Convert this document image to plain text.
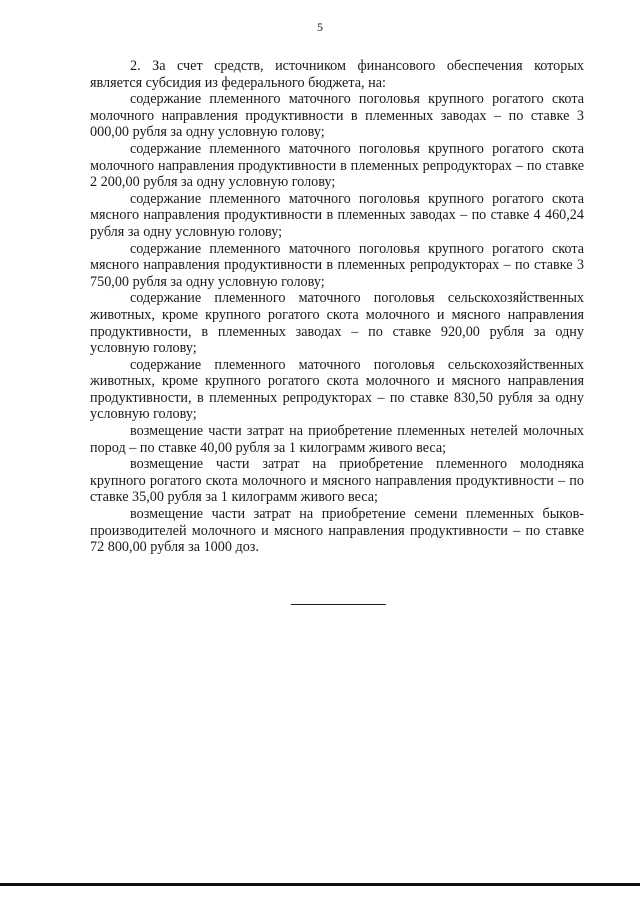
5

2. За счет средств, источником финансового обеспечения которых является субсидия из федерального бюджета, на:

содержание племенного маточного поголовья крупного рогатого скота молочного направления продуктивности в племенных заводах – по ставке 3 000,00 рубля за одну условную голову;

содержание племенного маточного поголовья крупного рогатого скота молочного направления продуктивности в племенных репродукторах – по ставке 2 200,00 рубля за одну условную голову;

содержание племенного маточного поголовья крупного рогатого скота мясного направления продуктивности в племенных заводах – по ставке 4 460,24 рубля за одну условную голову;

содержание племенного маточного поголовья крупного рогатого скота мясного направления продуктивности в племенных репродукторах – по ставке 3 750,00 рубля за одну условную голову;

содержание племенного маточного поголовья сельскохозяйственных животных, кроме крупного рогатого скота молочного и мясного направления продуктивности, в племенных заводах – по ставке 920,00 рубля за одну условную голову;

содержание племенного маточного поголовья сельскохозяйственных животных, кроме крупного рогатого скота молочного и мясного направления продуктивности, в племенных репродукторах – по ставке 830,50 рубля за одну условную голову;

возмещение части затрат на приобретение племенных нетелей молочных пород – по ставке 40,00 рубля за 1 килограмм живого веса;

возмещение части затрат на приобретение племенного молодняка крупного рогатого скота молочного и мясного направления продуктивности – по ставке 35,00 рубля за 1 килограмм живого веса;

возмещение части затрат на приобретение семени племенных быков-производителей молочного и мясного направления продуктивности – по ставке 72 800,00 рубля за 1000 доз.
